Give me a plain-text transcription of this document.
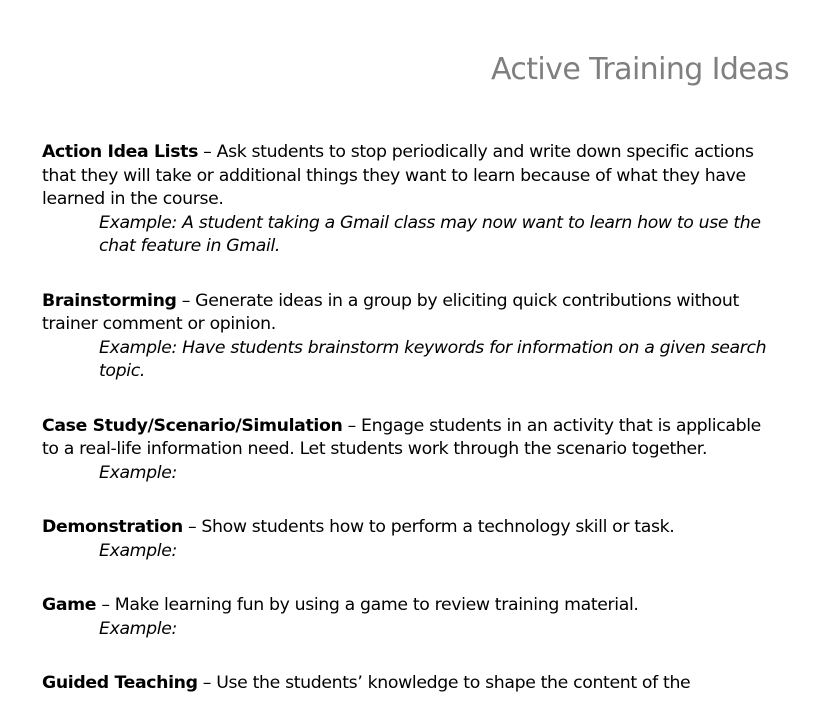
Active Training Ideas

Action Idea Lists – Ask students to stop periodically and write down specific actions that they will take or additional things they want to learn because of what they have learned in the course.

Example: A student taking a Gmail class may now want to learn how to use the chat feature in Gmail.

Brainstorming – Generate ideas in a group by eliciting quick contributions without trainer comment or opinion.

Example: Have students brainstorm keywords for information on a given search topic.

Case Study/Scenario/Simulation – Engage students in an activity that is applicable to a real-life information need. Let students work through the scenario together.

Example:

Demonstration – Show students how to perform a technology skill or task.

Example:

Game – Make learning fun by using a game to review training material.

Example:

Guided Teaching – Use the students’ knowledge to shape the content of the
